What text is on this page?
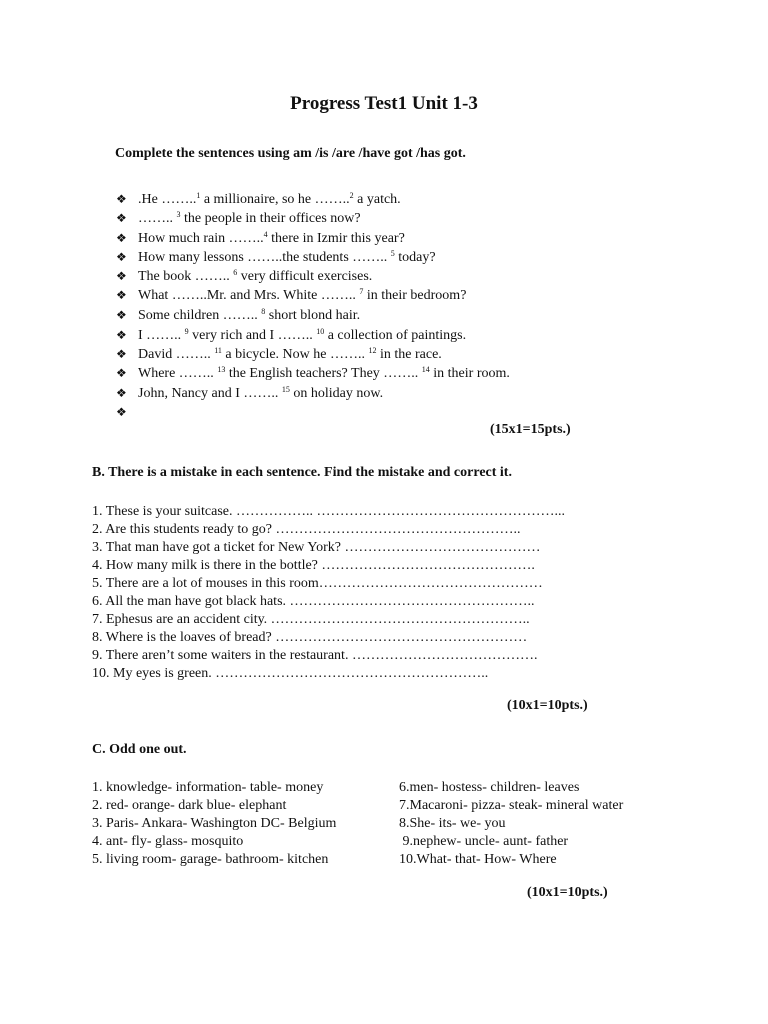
Progress Test1 Unit 1-3
Complete the sentences using am /is /are /have got /has got.
❖ .He ……..$^1$ a millionaire, so he ……..$^2$ a yatch.
❖ …….. $^3$ the people in their offices now?
❖ How much rain ……..$^4$ there in Izmir this year?
❖ How many lessons ……..the students …….. $^5$ today?
❖ The book …….. $^6$ very difficult exercises.
❖ What ……..Mr. and Mrs. White …….. $^7$ in their bedroom?
❖ Some children …….. $^8$ short blond hair.
❖ I …….. $^9$ very rich and I …….. $^{10}$ a collection of paintings.
❖ David …….. $^{11}$ a bicycle. Now he …….. $^{12}$ in the race.
❖ Where …….. $^{13}$ the English teachers? They …….. $^{14}$ in their room.
❖ John, Nancy and I …….. $^{15}$ on holiday now.
❖
(15x1=15pts.)
B. There is a mistake in each sentence. Find the mistake and correct it.
1. These is your suitcase. …………….. ……………………………………………...
2. Are this students ready to go? ……………………………………………..
3. That man have got a ticket for New York? ……………………………………
4. How many milk is there in the bottle? ……………………………………….
5. There are a lot of mouses in this room…………………………………………
6. All the man have got black hats. ……………………………………………..
7. Ephesus are an accident city. ………………………………………………..
8. Where is the loaves of bread? ………………………………………………
9. There aren’t some waiters in the restaurant. ………………………………….
10. My eyes is green. …………………………………………………..
(10x1=10pts.)
C. Odd one out.
1. knowledge- information- table- money
2. red- orange- dark blue- elephant
3. Paris- Ankara- Washington DC- Belgium
4. ant- fly- glass- mosquito
5. living room- garage- bathroom- kitchen
6.men- hostess- children- leaves
7.Macaroni- pizza- steak- mineral water
8.She- its- we- you
9.nephew- uncle- aunt- father
10.What- that- How- Where
(10x1=10pts.)
